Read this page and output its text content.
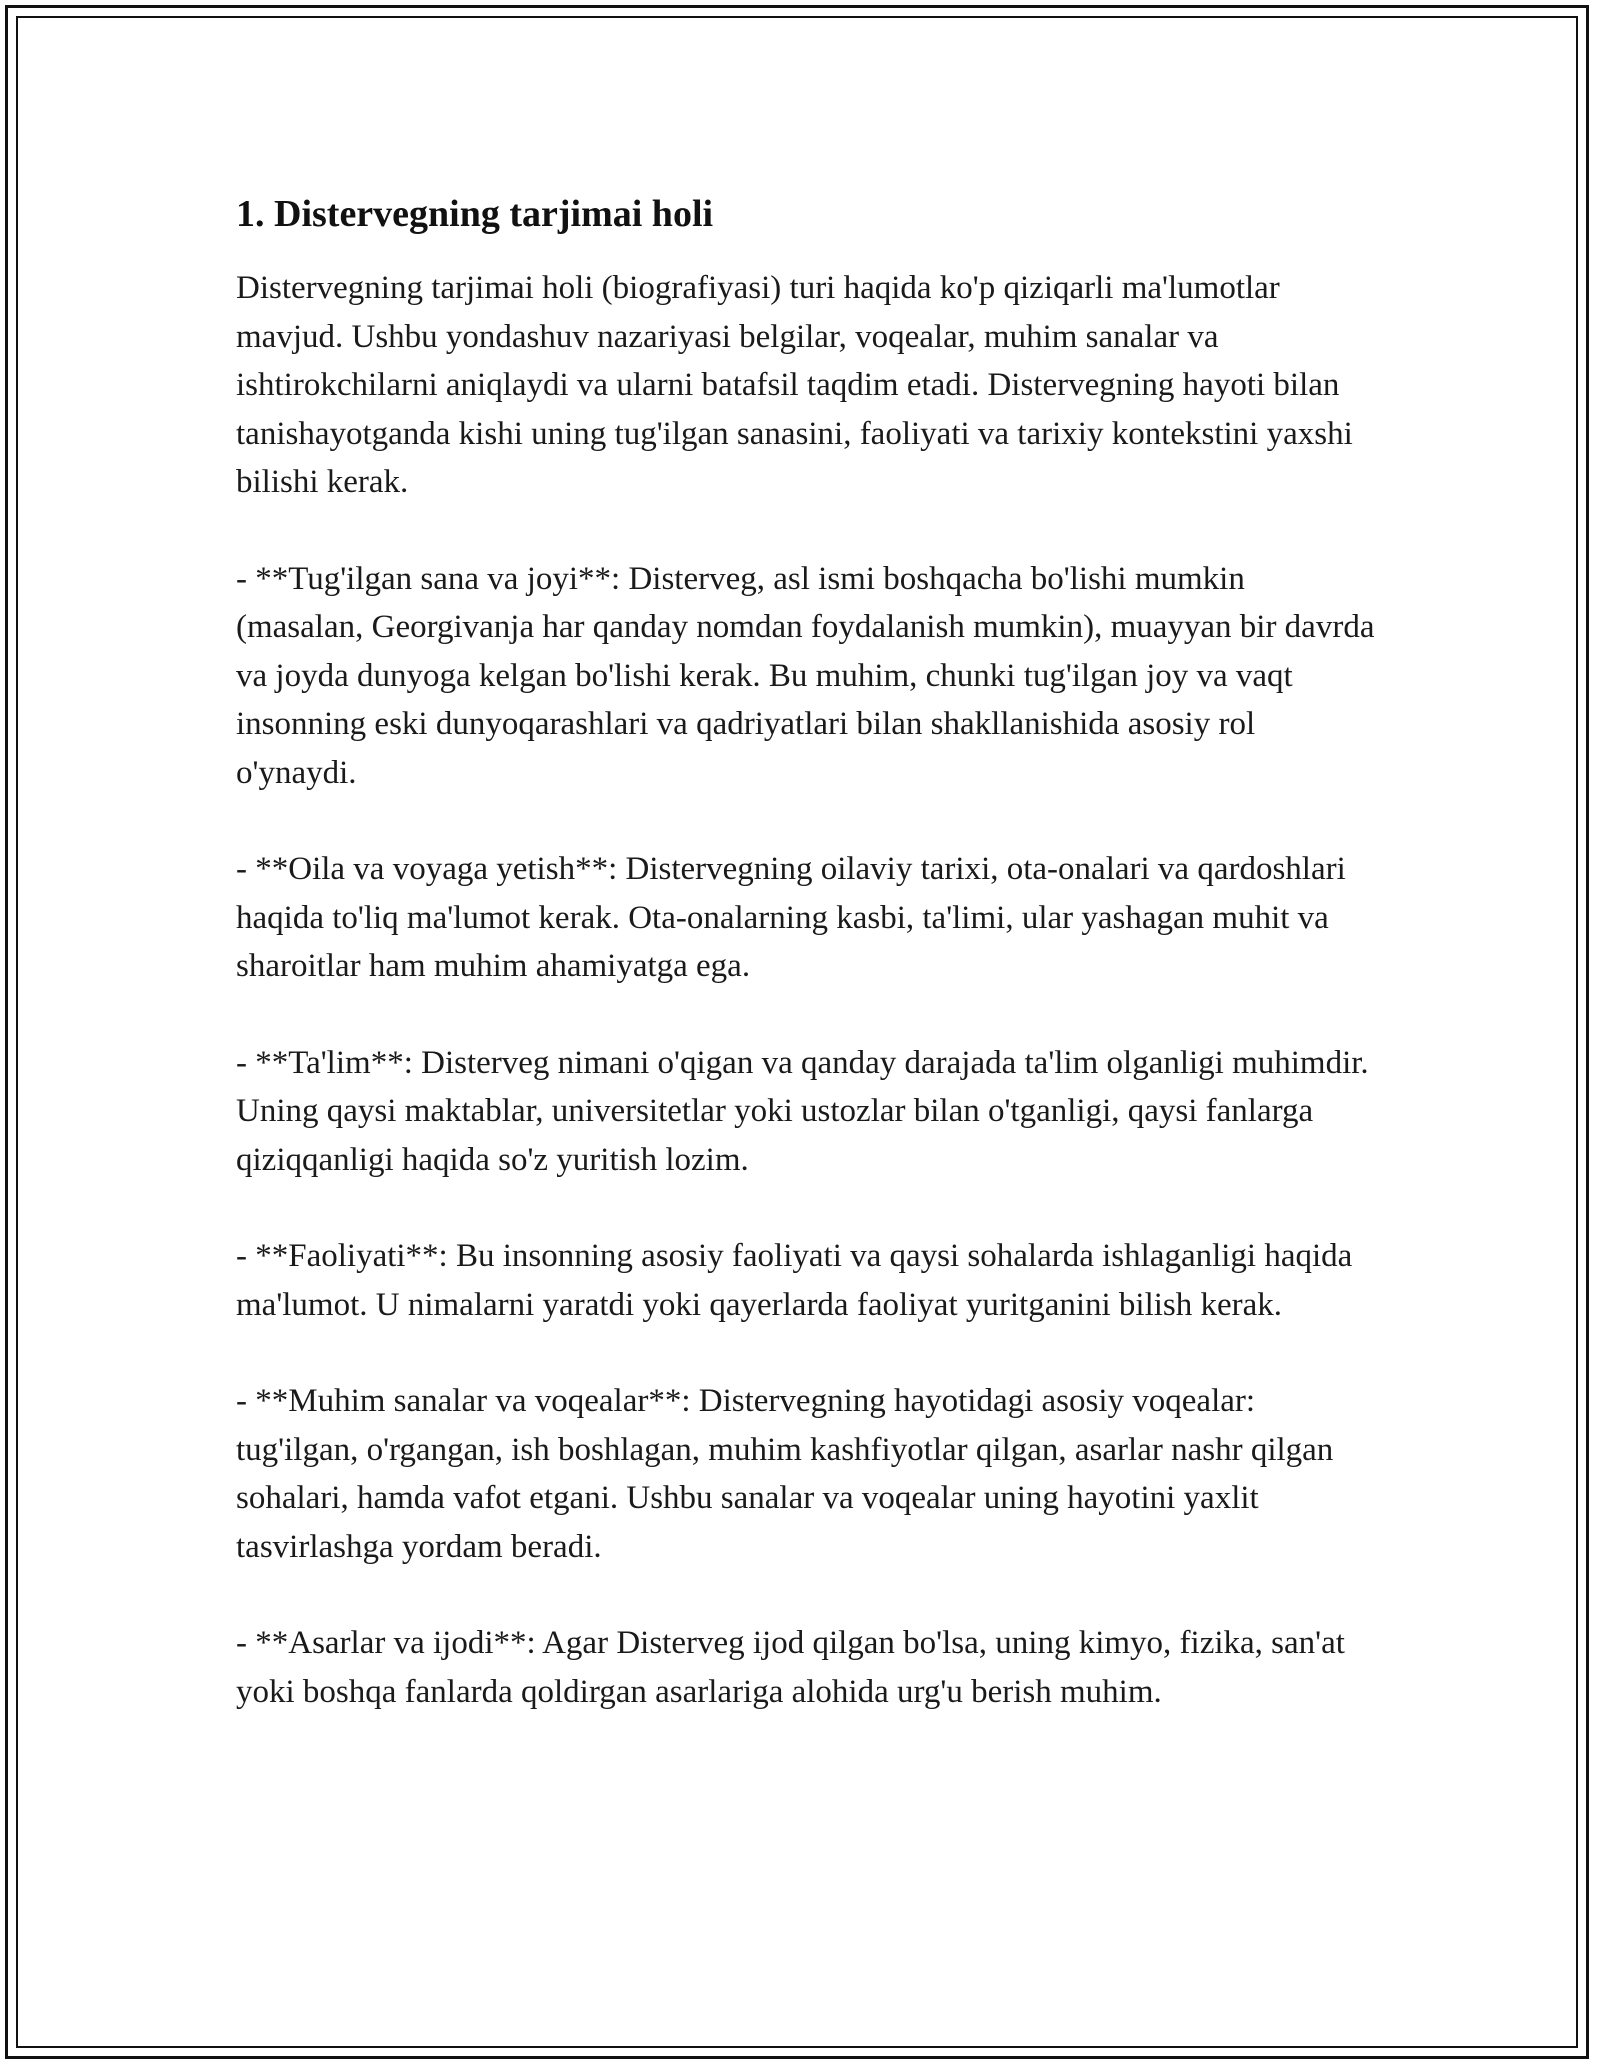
1. Distervegning tarjimai holi

Distervegning tarjimai holi (biografiyasi) turi haqida ko'p qiziqarli ma'lumotlar mavjud. Ushbu yondashuv nazariyasi belgilar, voqealar, muhim sanalar va ishtirokchilarni aniqlaydi va ularni batafsil taqdim etadi. Distervegning hayoti bilan tanishayotganda kishi uning tug'ilgan sanasini, faoliyati va tarixiy kontekstini yaxshi bilishi kerak.

- **Tug'ilgan sana va joyi**: Disterveg, asl ismi boshqacha bo'lishi mumkin (masalan, Georgivanja har qanday nomdan foydalanish mumkin), muayyan bir davrda va joyda dunyoga kelgan bo'lishi kerak. Bu muhim, chunki tug'ilgan joy va vaqt insonning eski dunyoqarashlari va qadriyatlari bilan shakllanishida asosiy rol o'ynaydi.

- **Oila va voyaga yetish**: Distervegning oilaviy tarixi, ota-onalari va qardoshlari haqida to'liq ma'lumot kerak. Ota-onalarning kasbi, ta'limi, ular yashagan muhit va sharoitlar ham muhim ahamiyatga ega.

- **Ta'lim**: Disterveg nimani o'qigan va qanday darajada ta'lim olganligi muhimdir. Uning qaysi maktablar, universitetlar yoki ustozlar bilan o'tganligi, qaysi fanlarga qiziqqanligi haqida so'z yuritish lozim.

- **Faoliyati**: Bu insonning asosiy faoliyati va qaysi sohalarda ishlaganligi haqida ma'lumot. U nimalarni yaratdi yoki qayerlarda faoliyat yuritganini bilish kerak.

- **Muhim sanalar va voqealar**: Distervegning hayotidagi asosiy voqealar: tug'ilgan, o'rgangan, ish boshlagan, muhim kashfiyotlar qilgan, asarlar nashr qilgan sohalari, hamda vafot etgani. Ushbu sanalar va voqealar uning hayotini yaxlit tasvirlashga yordam beradi.

- **Asarlar va ijodi**: Agar Disterveg ijod qilgan bo'lsa, uning kimyo, fizika, san'at yoki boshqa fanlarda qoldirgan asarlariga alohida urg'u berish muhim.
